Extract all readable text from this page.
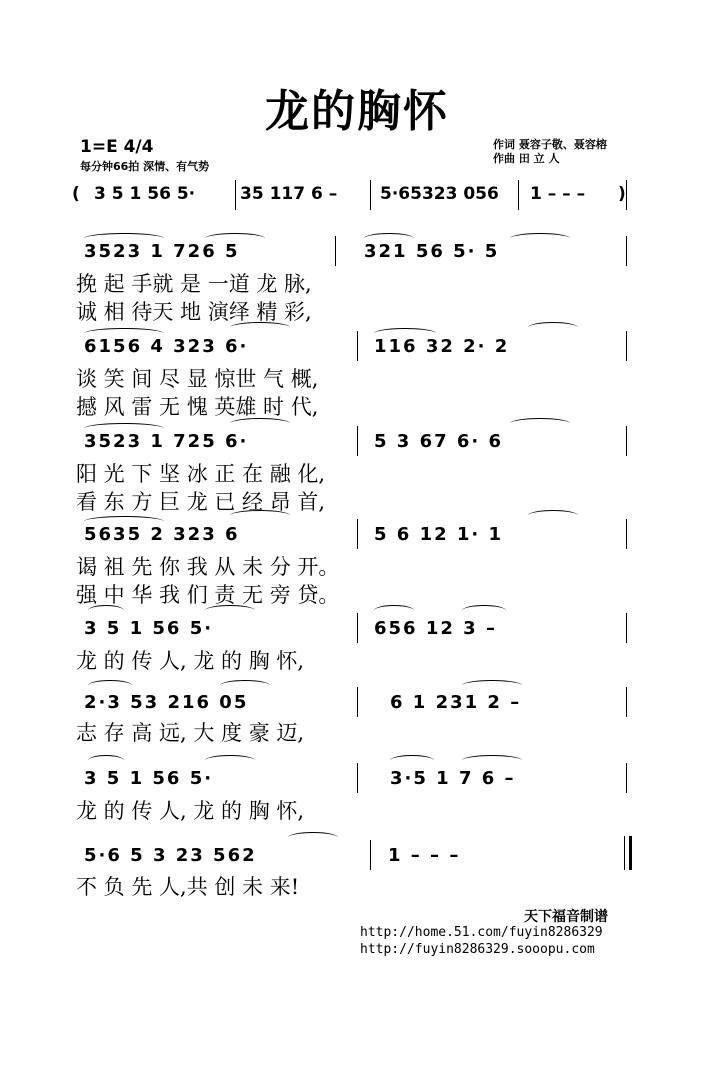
龙的胸怀
1=E 4/4
每分钟66拍 深情、有气势
作词 聂容子敬、聂容榕
作曲 田 立 人
( 3 5 1 56 5·	35 117 6 –	5·65323 056 1 – – – )
3523 1 726 5	321 56 5· 5
挽 起 手就 是 一道 龙 脉,
诚 相 待天 地 演绎 精 彩,
6156 4 323 6·	116 32 2· 2
谈 笑 间 尽 显 惊世 气 概,
撼 风 雷 无 愧 英雄 时 代,
3523 1 725 6·	5 3 67 6· 6
阳 光 下 坚 冰 正 在 融 化,
看 东 方 巨 龙 已 经 昂 首,
5635 2 323 6	5 6 12 1· 1
谒 祖 先 你 我 从 未 分 开。
强 中 华 我 们 责 无 旁 贷。
3 5 1 56 5·	656 12 3 –
龙 的 传 人, 龙 的 胸 怀,
2·3 53 216 05	6 1 231 2 –
志 存 高 远, 大 度 豪 迈,
3 5 1 56 5·	3·5 1 7 6 –
龙 的 传 人, 龙 的 胸 怀,
5·6 5 3 23 562	1 – – –
不 负 先 人,共 创 未 来!
天下福音制谱
http://home.51.com/fuyin8286329
http://fuyin8286329.sooopu.com
